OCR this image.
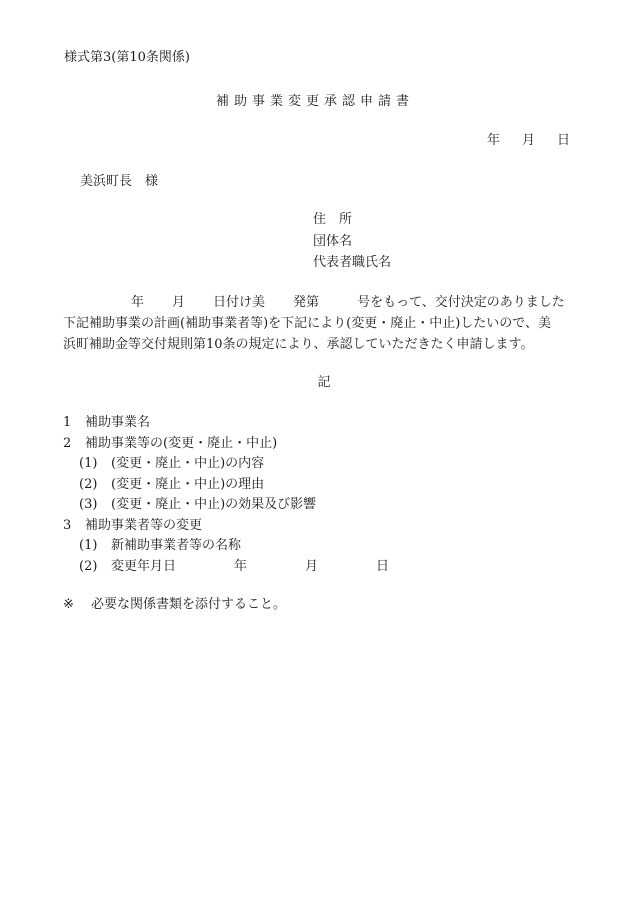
様式第3(第10条関係)
補助事業変更承認申請書
年 月 日
美浜町長　様
住　所
団体名
代表者職氏名
年 月 日付け美 発第	号をもって、交付決定のありました
下記補助事業の計画(補助事業者等)を下記により(変更・廃止・中止)したいので、美
浜町補助金等交付規則第10条の規定により、承認していただきたく申請します。
記
1 補助事業名
2 補助事業等の(変更・廃止・中止)
(1) (変更・廃止・中止)の内容
(2) (変更・廃止・中止)の理由
(3) (変更・廃止・中止)の効果及び影響
3 補助事業者等の変更
(1) 新補助事業者等の名称
(2) 変更年月日	年	月	日
※ 必要な関係書類を添付すること。
